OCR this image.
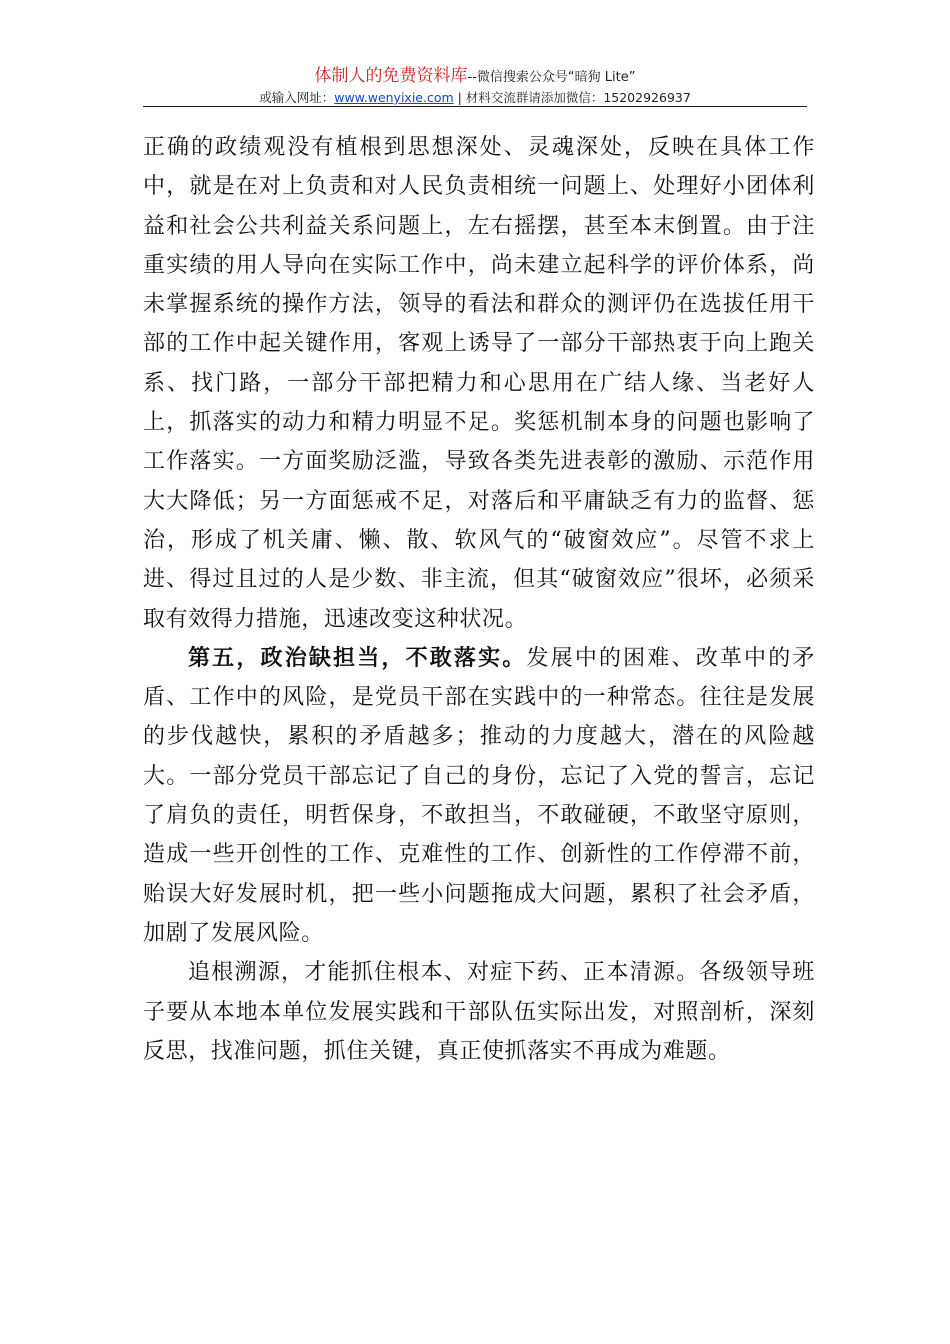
体制人的免费资料库--微信搜索公众号“暗狗 Lite”
或输入网址：www.wenyixie.com | 材料交流群请添加微信：15202926937

正确的政绩观没有植根到思想深处、灵魂深处，反映在具体工作中，就是在对上负责和对人民负责相统一问题上、处理好小团体利益和社会公共利益关系问题上，左右摇摆，甚至本末倒置。由于注重实绩的用人导向在实际工作中，尚未建立起科学的评价体系，尚未掌握系统的操作方法，领导的看法和群众的测评仍在选拔任用干部的工作中起关键作用，客观上诱导了一部分干部热衷于向上跑关系、找门路，一部分干部把精力和心思用在广结人缘、当老好人上，抓落实的动力和精力明显不足。奖惩机制本身的问题也影响了工作落实。一方面奖励泛滥，导致各类先进表彰的激励、示范作用大大降低；另一方面惩戒不足，对落后和平庸缺乏有力的监督、惩治，形成了机关庸、懒、散、软风气的“破窗效应”。尽管不求上进、得过且过的人是少数、非主流，但其“破窗效应”很坏，必须采取有效得力措施，迅速改变这种状况。

第五，政治缺担当，不敢落实。发展中的困难、改革中的矛盾、工作中的风险，是党员干部在实践中的一种常态。往往是发展的步伐越快，累积的矛盾越多；推动的力度越大，潜在的风险越大。一部分党员干部忘记了自己的身份，忘记了入党的誓言，忘记了肩负的责任，明哲保身，不敢担当，不敢碰硬，不敢坚守原则，造成一些开创性的工作、克难性的工作、创新性的工作停滞不前，贻误大好发展时机，把一些小问题拖成大问题，累积了社会矛盾，加剧了发展风险。

追根溯源，才能抓住根本、对症下药、正本清源。各级领导班子要从本地本单位发展实践和干部队伍实际出发，对照剖析，深刻反思，找准问题，抓住关键，真正使抓落实不再成为难题。
